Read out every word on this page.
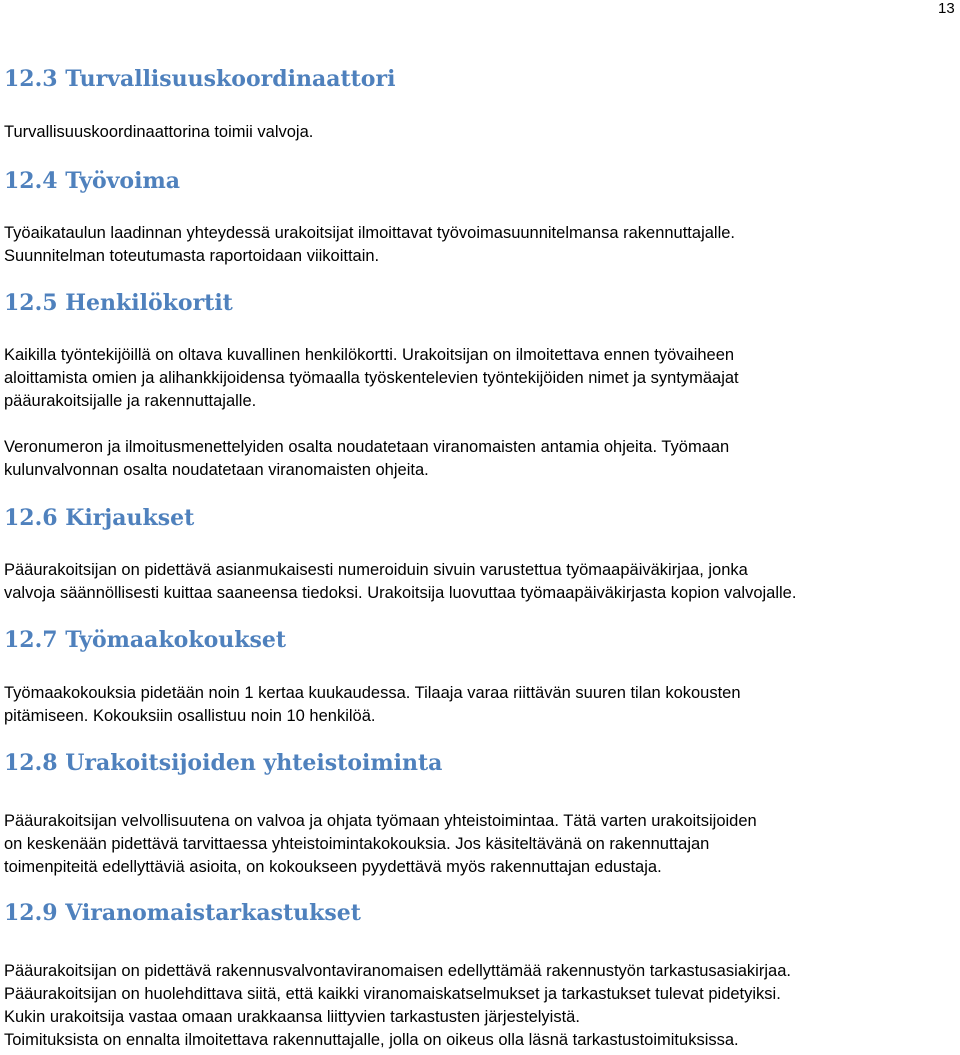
13
12.3 Turvallisuuskoordinaattori
Turvallisuuskoordinaattorina toimii valvoja.
12.4 Työvoima
Työaikataulun laadinnan yhteydessä urakoitsijat ilmoittavat työvoimasuunnitelmansa rakennuttajalle.
Suunnitelman toteutumasta raportoidaan viikoittain.
12.5 Henkilökortit
Kaikilla työntekijöillä on oltava kuvallinen henkilökortti. Urakoitsijan on ilmoitettava ennen työvaiheen
aloittamista omien ja alihankkijoidensa työmaalla työskentelevien työntekijöiden nimet ja syntymäajat
pääurakoitsijalle ja rakennuttajalle.
Veronumeron ja ilmoitusmenettelyiden osalta noudatetaan viranomaisten antamia ohjeita. Työmaan
kulunvalvonnan osalta noudatetaan viranomaisten ohjeita.
12.6 Kirjaukset
Pääurakoitsijan on pidettävä asianmukaisesti numeroiduin sivuin varustettua työmaapäiväkirjaa, jonka
valvoja säännöllisesti kuittaa saaneensa tiedoksi. Urakoitsija luovuttaa työmaapäiväkirjasta kopion valvojalle.
12.7 Työmaakokoukset
Työmaakokouksia pidetään noin 1 kertaa kuukaudessa. Tilaaja varaa riittävän suuren tilan kokousten
pitämiseen. Kokouksiin osallistuu noin 10 henkilöä.
12.8 Urakoitsijoiden yhteistoiminta
Pääurakoitsijan velvollisuutena on valvoa ja ohjata työmaan yhteistoimintaa. Tätä varten urakoitsijoiden
on keskenään pidettävä tarvittaessa yhteistoimintakokouksia. Jos käsiteltävänä on rakennuttajan
toimenpiteitä edellyttäviä asioita, on kokoukseen pyydettävä myös rakennuttajan edustaja.
12.9 Viranomaistarkastukset
Pääurakoitsijan on pidettävä rakennusvalvontaviranomaisen edellyttämää rakennustyön tarkastusasiakirjaa.
Pääurakoitsijan on huolehdittava siitä, että kaikki viranomaiskatselmukset ja tarkastukset tulevat pidetyiksi.
Kukin urakoitsija vastaa omaan urakkaansa liittyvien tarkastusten järjestelyistä.
Toimituksista on ennalta ilmoitettava rakennuttajalle, jolla on oikeus olla läsnä tarkastustoimituksissa.
